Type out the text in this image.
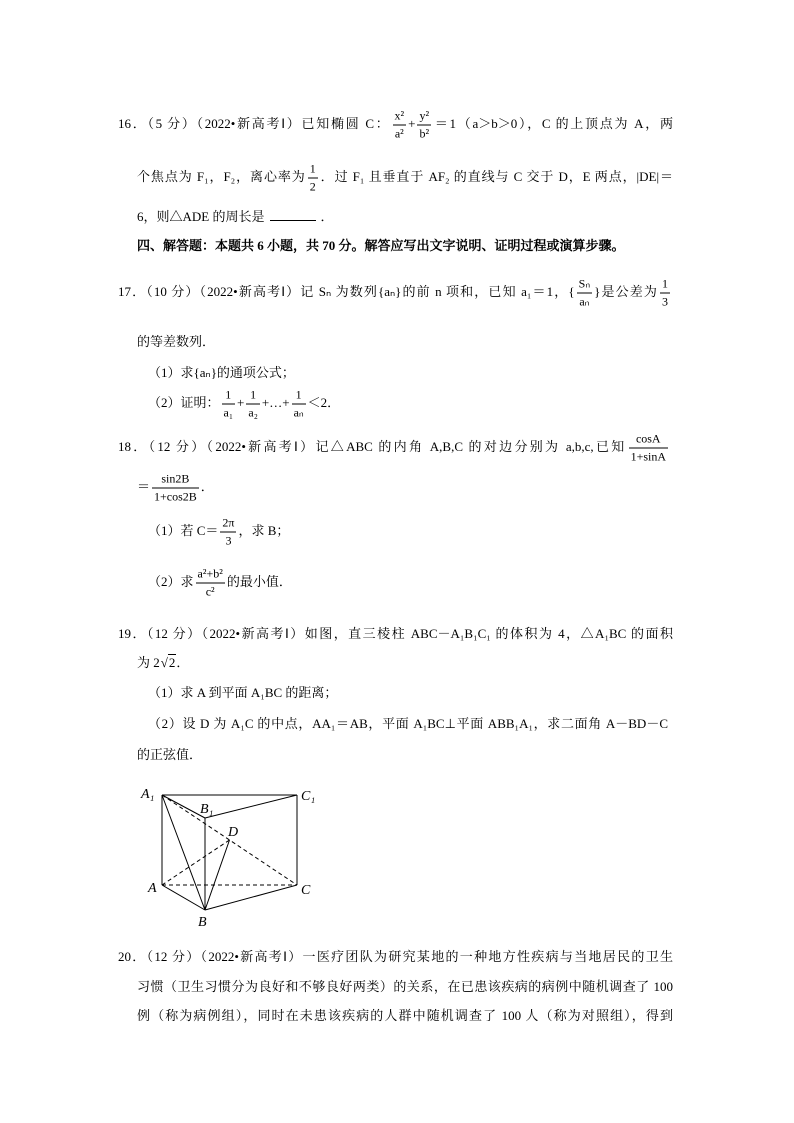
16．（5 分）（2022•新高考Ⅰ）已知椭圆 C： $\frac{\text{x²}}{\text{a²}} + \frac{\text{y²}}{\text{b²}} =1(a>b>0)$，C 的上顶点为 A，两
个焦点为 F₁，F₂，离心率为 $\frac{1}{2}$ ．过 F₁ 且垂直于 AF₂ 的直线与 C 交于 D，E 两点，|DE|＝
6，则△ADE 的周长是	．
四、解答题：本题共 6 小题，共 70 分。解答应写出文字说明、证明过程或演算步骤。
17．（10 分）（2022•新高考Ⅰ）记 Sₙ 为数列{aₙ}的前 n 项和，已知 a₁＝1，{ $\frac{\text{Sₙ}}{\text{aₙ}}$ }是公差为 $\frac{1}{3}$
的等差数列．
（1）求{aₙ}的通项公式；
（2）证明： $\frac{1}{\text{a₁}} + \frac{1}{\text{a₂}}$ +…+ $\frac{1}{\text{aₙ}} <2$．
18．（12 分）（2022•新高考Ⅰ）记△ABC 的内角 A,B,C 的对边分别为 a,b,c,已知 $\frac{\cos A}{1+\sin A}$
＝ $\frac{\sin 2B}{1+\cos 2B}$ ．
（1）若 $C= \frac{2\pi}{3}$ ，求 B；
（2）求 $\frac{\text{a²+b²}}{\text{c²}}$ 的最小值．
19．（12 分）（2022•新高考Ⅰ）如图，直三棱柱 ABC－A₁B₁C₁ 的体积为 4，△A₁BC 的面积
为 2√2．
（1）求 A 到平面 A₁BC 的距离；
（2）设 D 为 A₁C 的中点，AA₁＝AB，平面 A₁BC⊥平面 ABB₁A₁，求二面角 A－BD－C
的正弦值．
A₁
B₁
C₁
D
A	C
B
20．（12 分）（2022•新高考Ⅰ）一医疗团队为研究某地的一种地方性疾病与当地居民的卫生
习惯（卫生习惯分为良好和不够良好两类）的关系，在已患该疾病的病例中随机调查了 100
例（称为病例组），同时在未患该疾病的人群中随机调查了 100 人（称为对照组），得到
